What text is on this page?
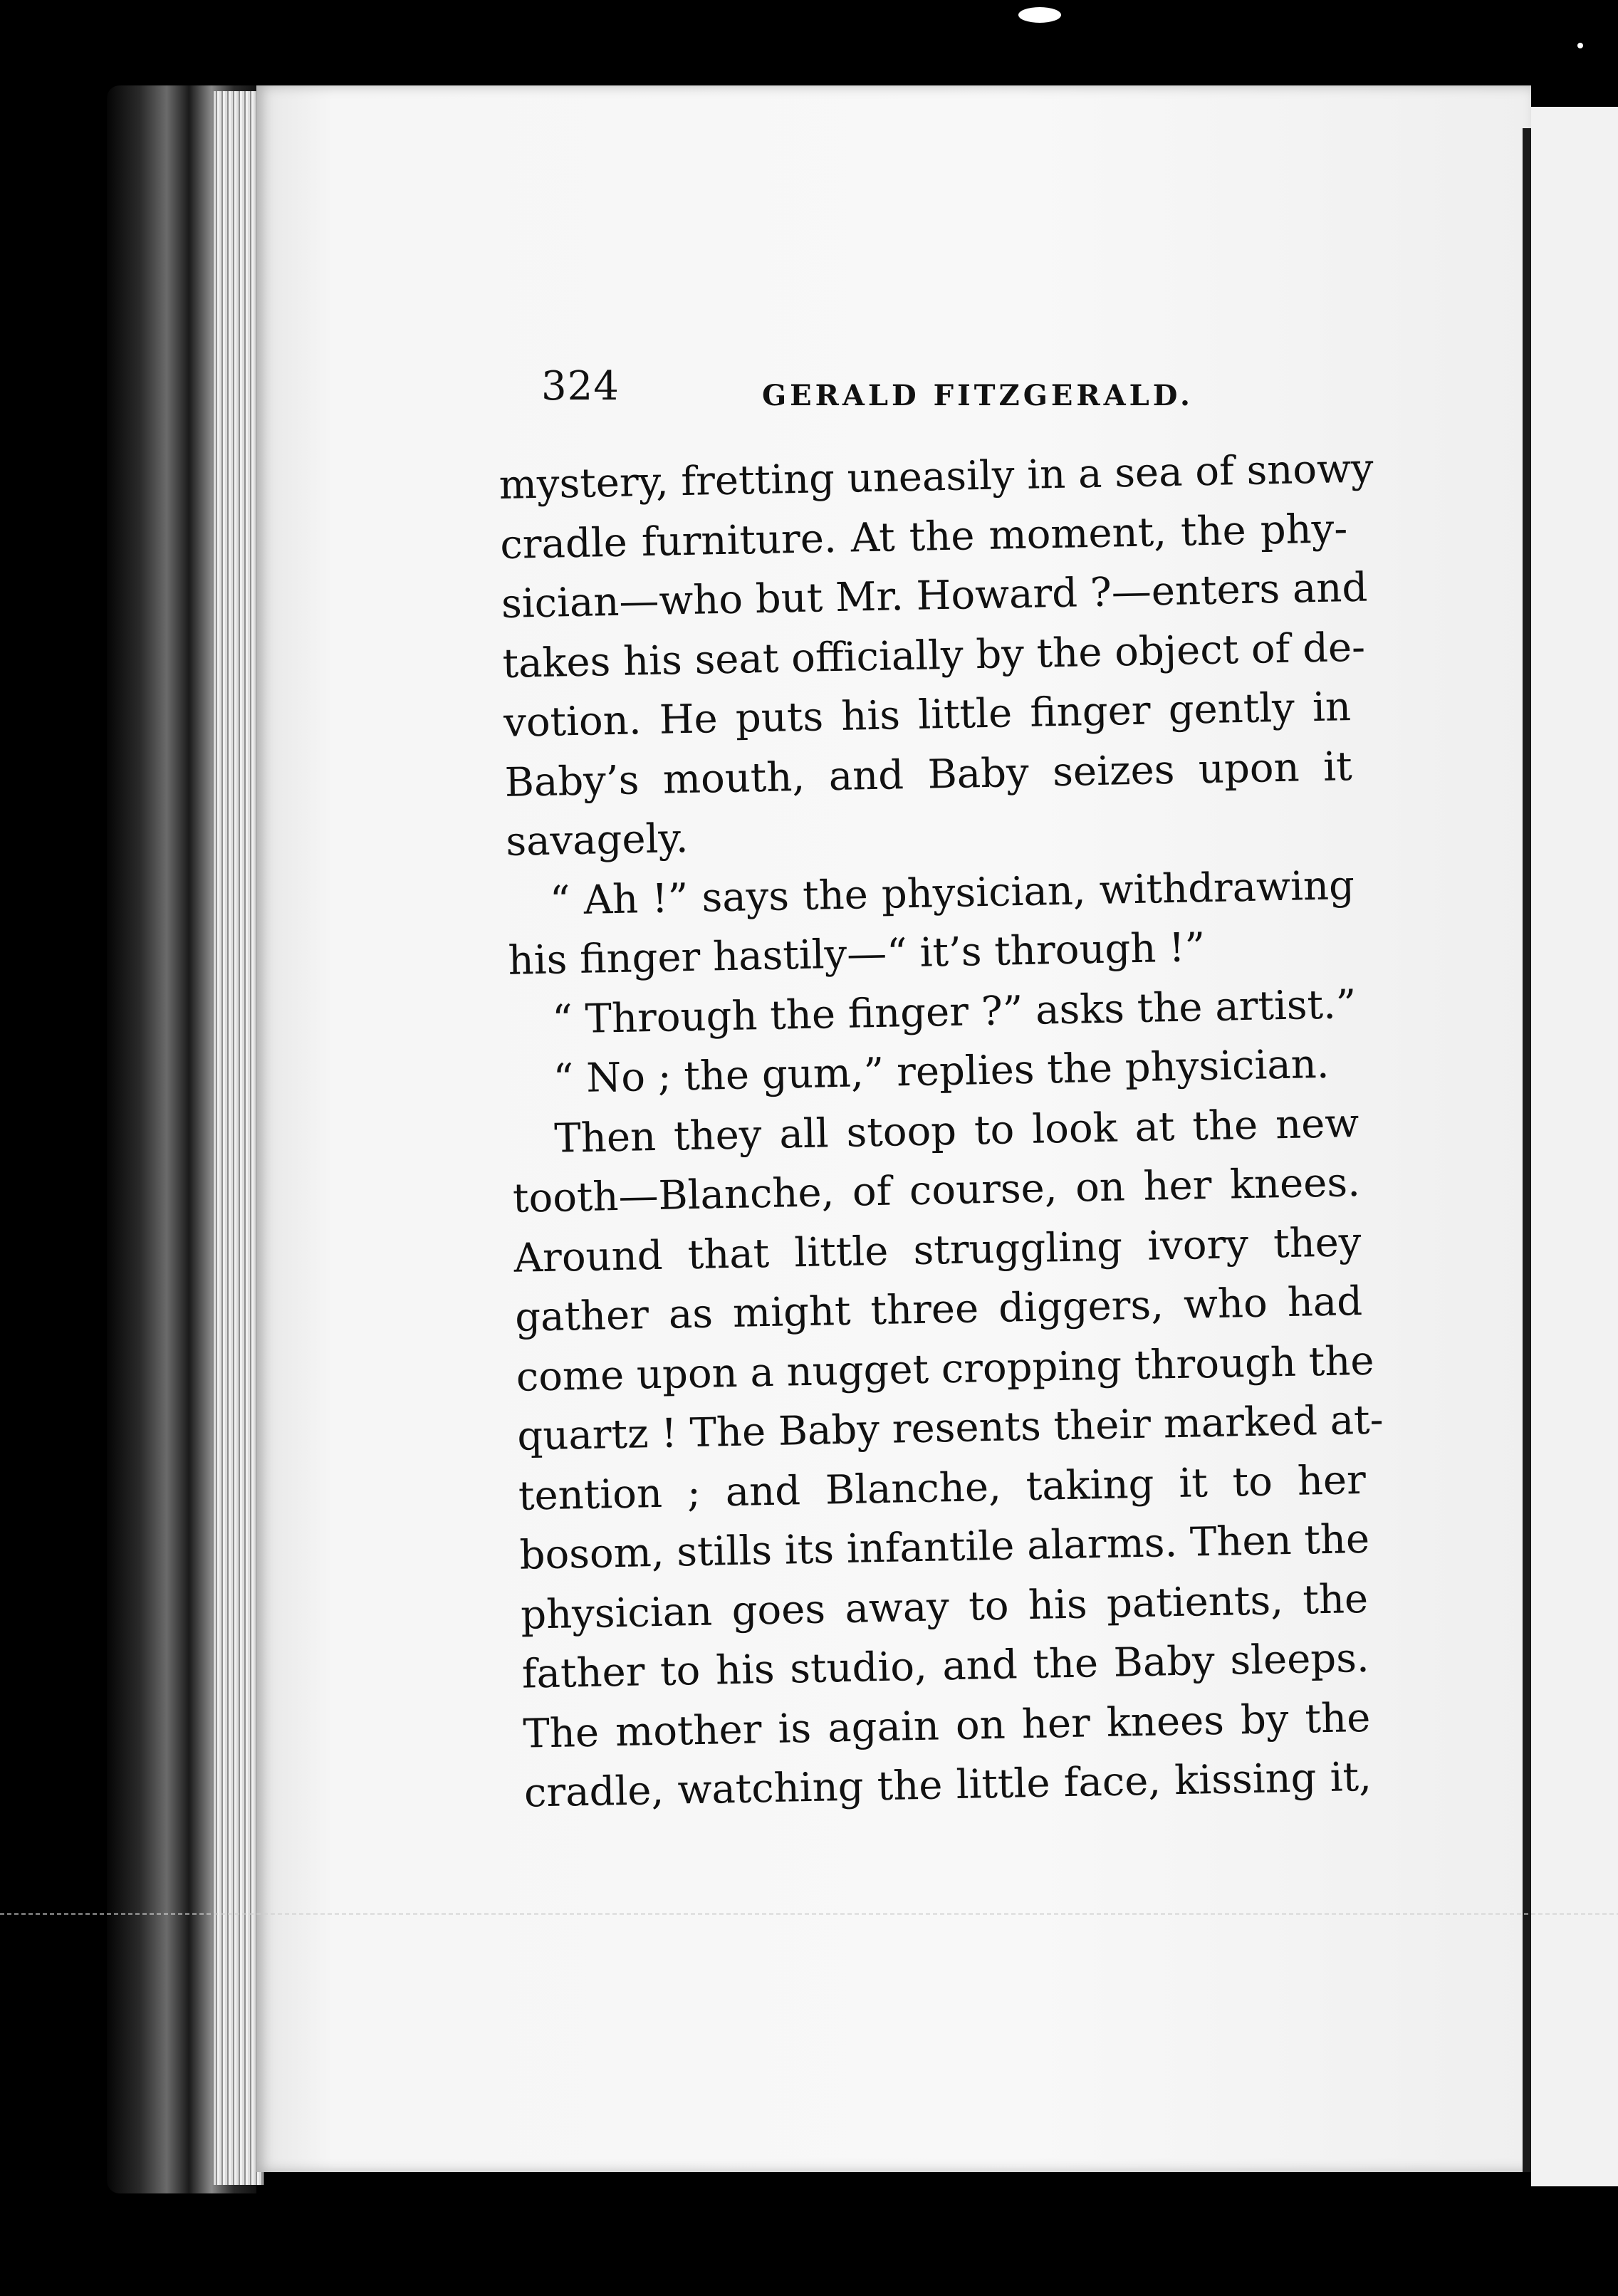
324	GERALD FITZGERALD.
mystery, fretting uneasily in a sea of snowy
cradle furniture. At the moment, the phy-
sician—who but Mr. Howard ?—enters and
takes his seat officially by the object of de-
votion. He puts his little finger gently in
Baby’s mouth, and Baby seizes upon it
savagely.
“ Ah !” says the physician, withdrawing
his finger hastily—“ it’s through !”
“ Through the finger ?” asks the artist.”
“ No ; the gum,” replies the physician.
Then they all stoop to look at the new
tooth—Blanche, of course, on her knees.
Around that little struggling ivory they
gather as might three diggers, who had
come upon a nugget cropping through the
quartz ! The Baby resents their marked at-
tention ; and Blanche, taking it to her
bosom, stills its infantile alarms. Then the
physician goes away to his patients, the
father to his studio, and the Baby sleeps.
The mother is again on her knees by the
cradle, watching the little face, kissing it,
